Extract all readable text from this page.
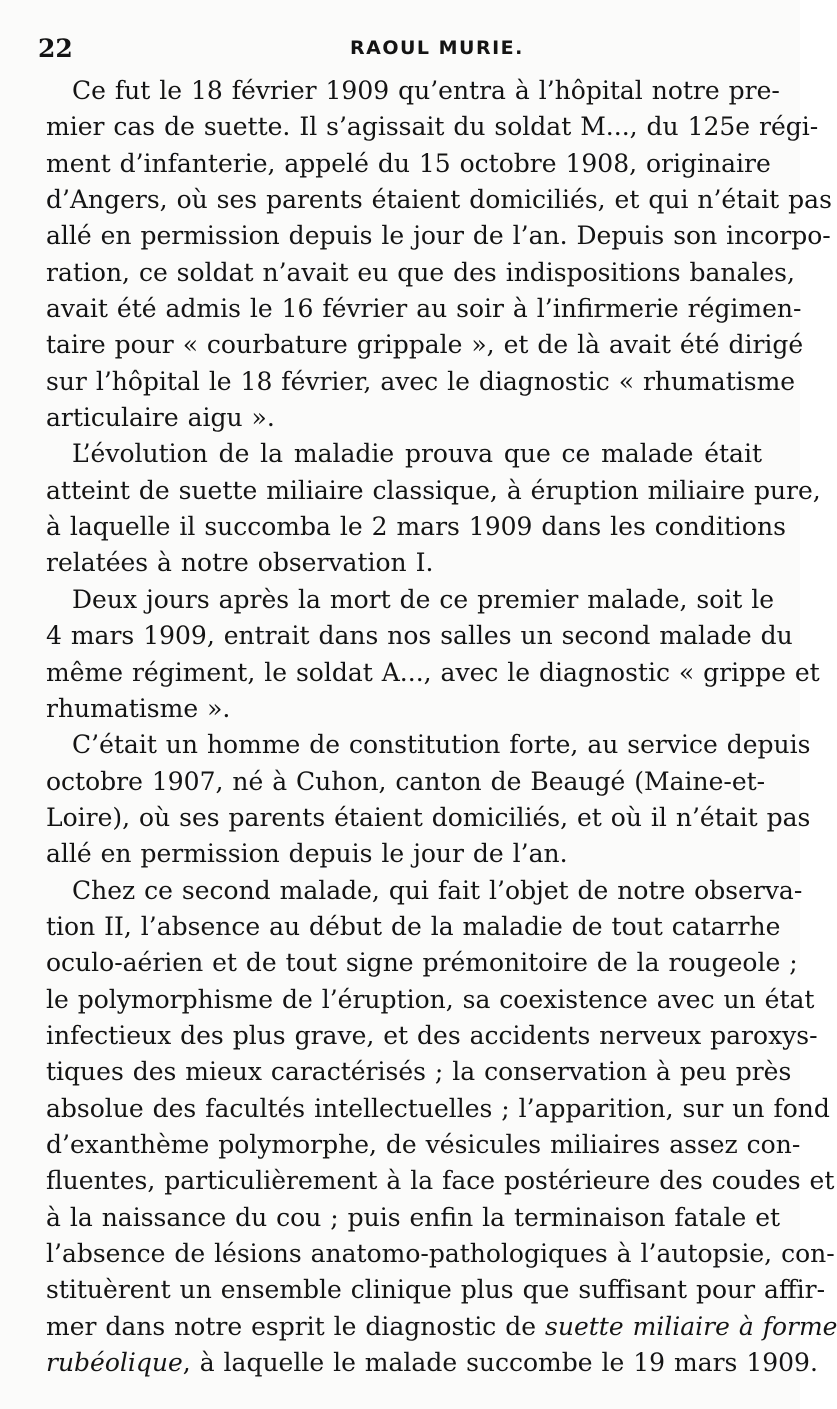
22	RAOUL MURIE.

Ce fut le 18 février 1909 qu’entra à l’hôpital notre pre-
mier cas de suette. Il s’agissait du soldat M..., du 125e régi-
ment d’infanterie, appelé du 15 octobre 1908, originaire
d’Angers, où ses parents étaient domiciliés, et qui n’était pas
allé en permission depuis le jour de l’an. Depuis son incorpo-
ration, ce soldat n’avait eu que des indispositions banales,
avait été admis le 16 février au soir à l’infirmerie régimen-
taire pour « courbature grippale », et de là avait été dirigé
sur l’hôpital le 18 février, avec le diagnostic « rhumatisme
articulaire aigu ».

L’évolution de la maladie prouva que ce malade était
atteint de suette miliaire classique, à éruption miliaire pure,
à laquelle il succomba le 2 mars 1909 dans les conditions
relatées à notre observation I.

Deux jours après la mort de ce premier malade, soit le
4 mars 1909, entrait dans nos salles un second malade du
même régiment, le soldat A..., avec le diagnostic « grippe et
rhumatisme ».

C’était un homme de constitution forte, au service depuis
octobre 1907, né à Cuhon, canton de Beaugé (Maine-et-
Loire), où ses parents étaient domiciliés, et où il n’était pas
allé en permission depuis le jour de l’an.

Chez ce second malade, qui fait l’objet de notre observa-
tion II, l’absence au début de la maladie de tout catarrhe
oculo-aérien et de tout signe prémonitoire de la rougeole ;
le polymorphisme de l’éruption, sa coexistence avec un état
infectieux des plus grave, et des accidents nerveux paroxys-
tiques des mieux caractérisés ; la conservation à peu près
absolue des facultés intellectuelles ; l’apparition, sur un fond
d’exanthème polymorphe, de vésicules miliaires assez con-
fluentes, particulièrement à la face postérieure des coudes et
à la naissance du cou ; puis enfin la terminaison fatale et
l’absence de lésions anatomo-pathologiques à l’autopsie, con-
stituèrent un ensemble clinique plus que suffisant pour affir-
mer dans notre esprit le diagnostic de suette miliaire à forme
rubéolique, à laquelle le malade succombe le 19 mars 1909.
